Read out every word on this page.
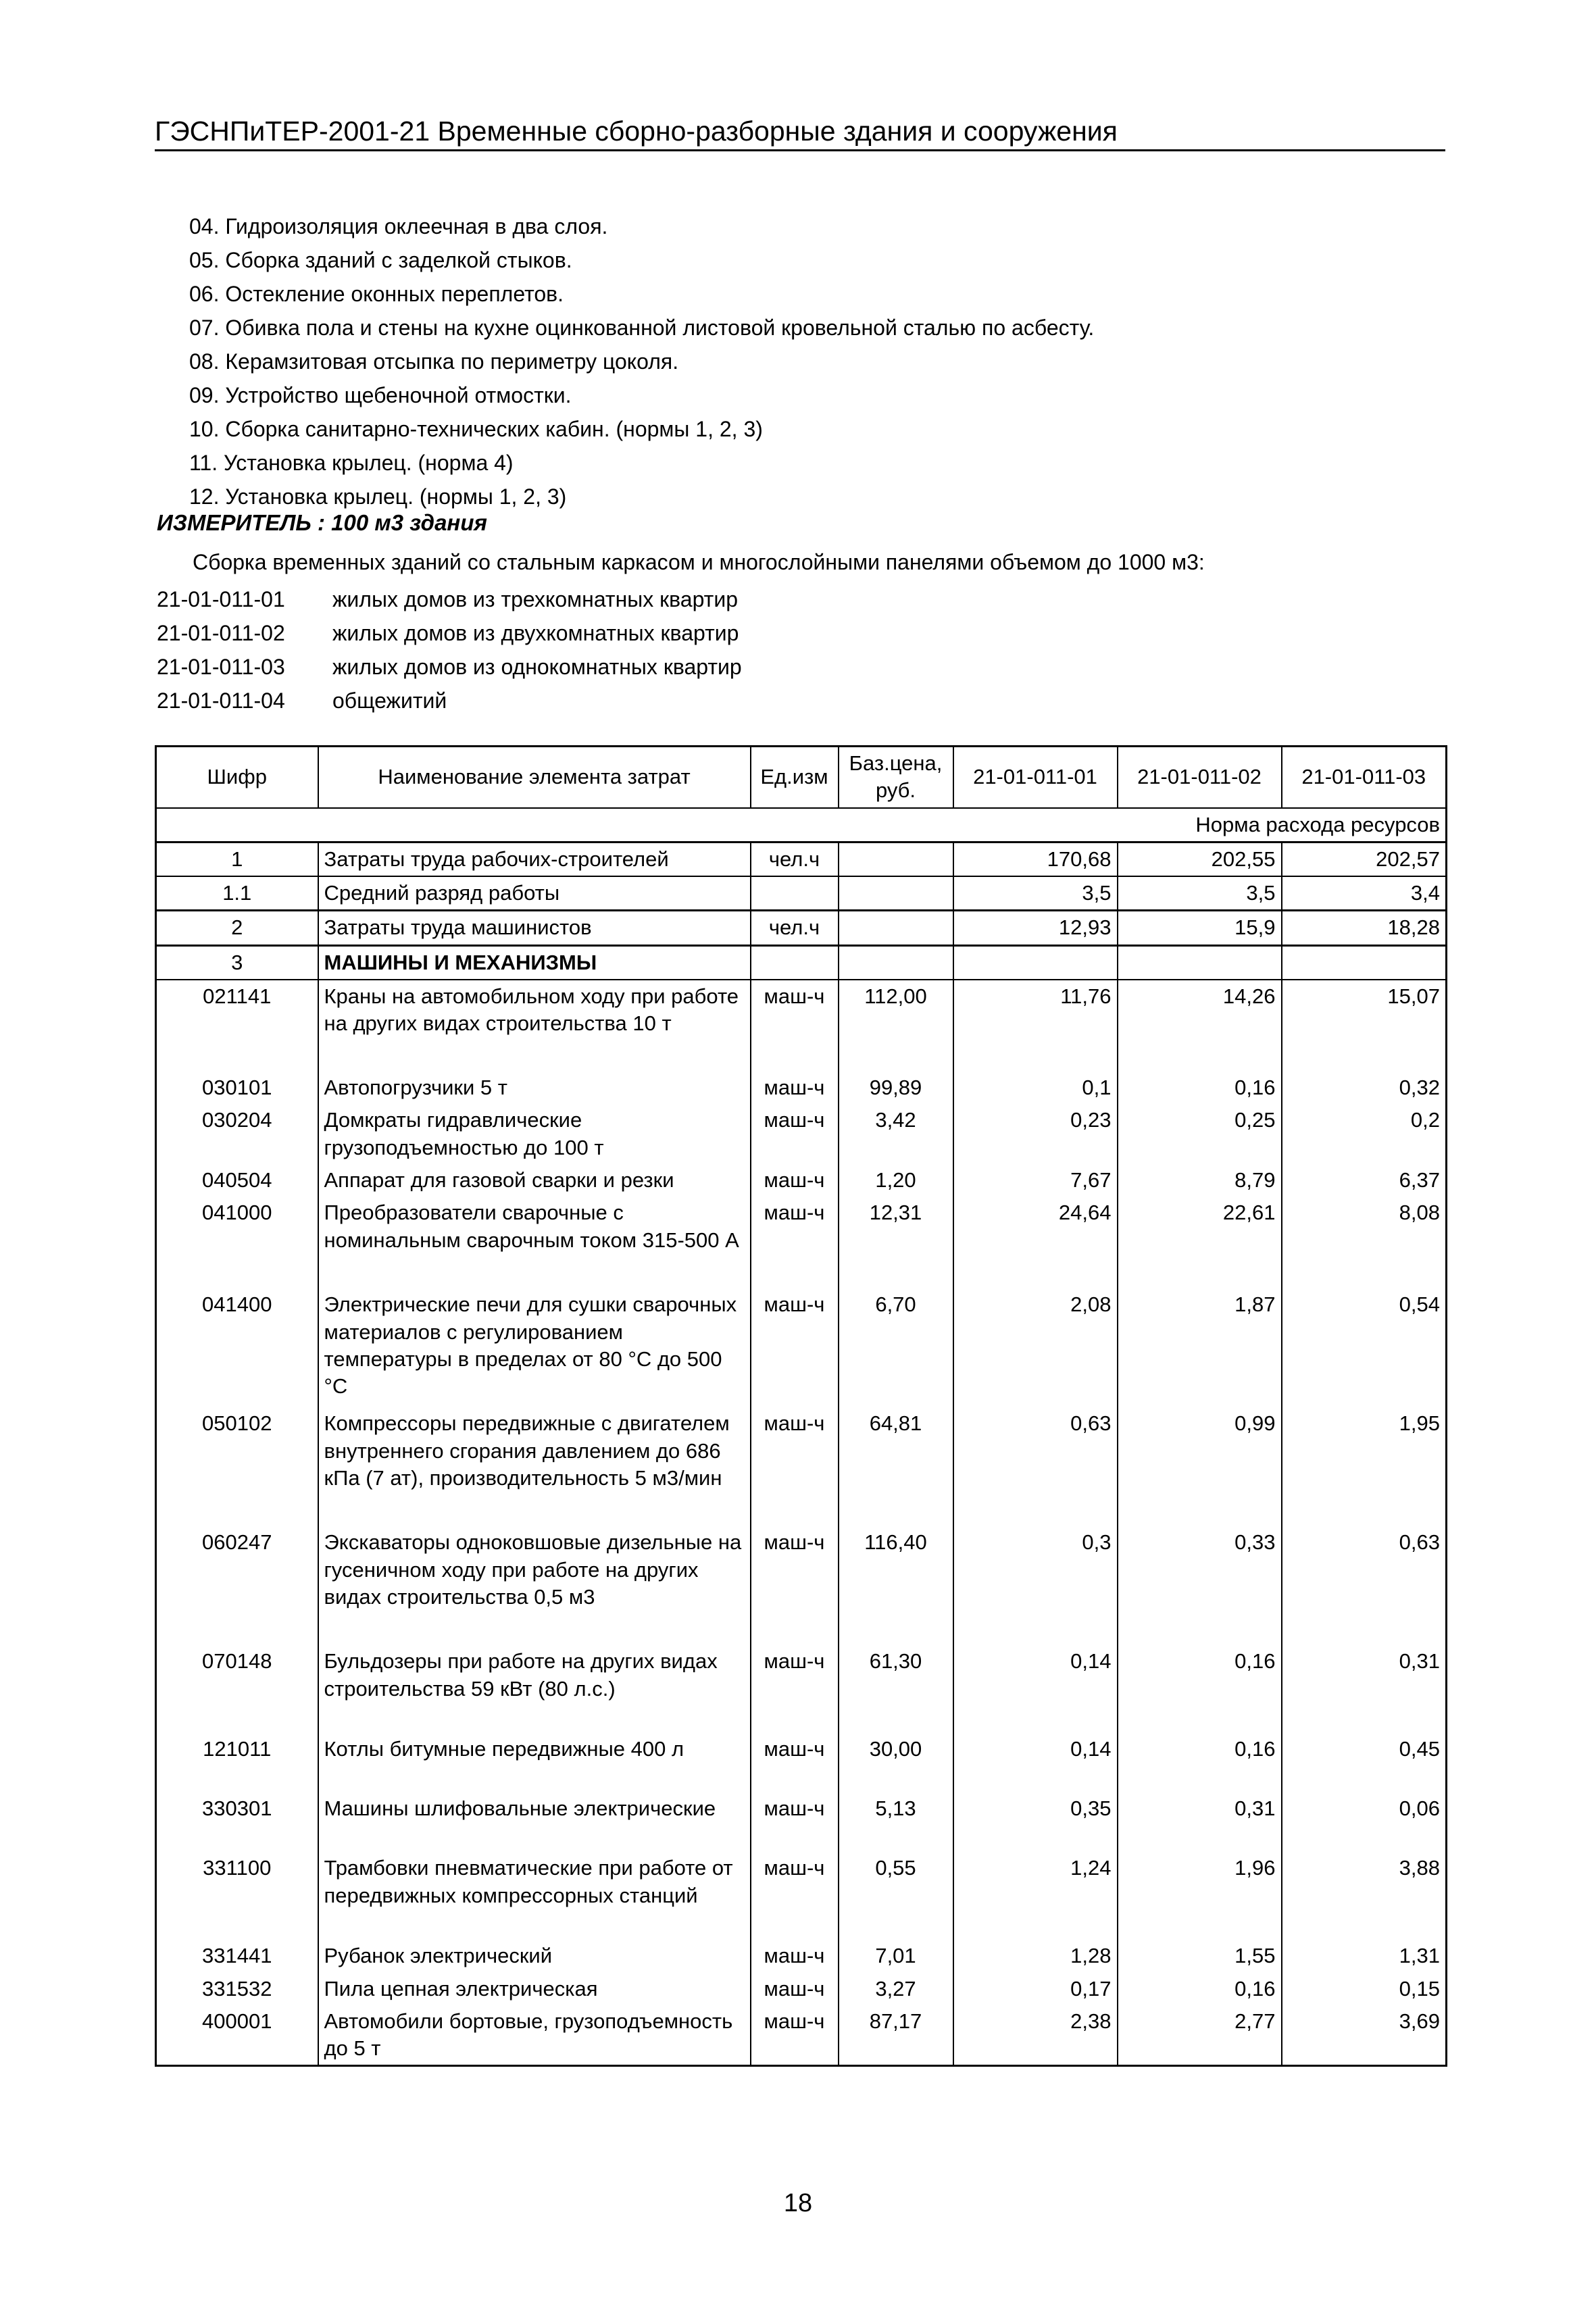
ГЭСНПиТЕР-2001-21 Временные сборно-разборные здания и сооружения
04. Гидроизоляция оклеечная в два слоя.
05. Сборка зданий с заделкой стыков.
06. Остекление оконных переплетов.
07. Обивка пола и стены на кухне оцинкованной листовой кровельной сталью по асбесту.
08. Керамзитовая отсыпка по периметру цоколя.
09. Устройство щебеночной отмостки.
10. Сборка санитарно-технических кабин. (нормы 1, 2, 3)
11. Установка крылец. (норма 4)
12. Установка крылец. (нормы 1, 2, 3)
ИЗМЕРИТЕЛЬ : 100 м3 здания
Сборка временных зданий со стальным каркасом и многослойными панелями объемом до 1000 м3:
21-01-011-01	жилых домов из трехкомнатных квартир
21-01-011-02	жилых домов из двухкомнатных квартир
21-01-011-03	жилых домов из однокомнатных квартир
21-01-011-04	общежитий
Шифр	Наименование элемента затрат	Ед.изм	Баз.цена, руб.	21-01-011-01	21-01-011-02	21-01-011-03
Норма расхода ресурсов						
1	Затраты труда рабочих-строителей	чел.ч		170,68	202,55	202,57
1.1	Средний разряд работы			3,5	3,5	3,4
2	Затраты труда машинистов	чел.ч		12,93	15,9	18,28
3	МАШИНЫ И МЕХАНИЗМЫ					
021141	Краны на автомобильном ходу при работе на других видах строительства 10 т	маш-ч	112,00	11,76	14,26	15,07
030101	Автопогрузчики 5 т	маш-ч	99,89	0,1	0,16	0,32
030204	Домкраты гидравлические грузоподъемностью до 100 т	маш-ч	3,42	0,23	0,25	0,2
040504	Аппарат для газовой сварки и резки	маш-ч	1,20	7,67	8,79	6,37
041000	Преобразователи сварочные с номинальным сварочным током 315-500 А	маш-ч	12,31	24,64	22,61	8,08
041400	Электрические печи для сушки сварочных материалов с регулированием температуры в пределах от 80 °С до 500 °С	маш-ч	6,70	2,08	1,87	0,54
050102	Компрессоры передвижные с двигателем внутреннего сгорания давлением до 686 кПа (7 ат), производительность 5 м3/мин	маш-ч	64,81	0,63	0,99	1,95
060247	Экскаваторы одноковшовые дизельные на гусеничном ходу при работе на других видах строительства 0,5 м3	маш-ч	116,40	0,3	0,33	0,63
070148	Бульдозеры при работе на других видах строительства 59 кВт (80 л.с.)	маш-ч	61,30	0,14	0,16	0,31
121011	Котлы битумные передвижные 400 л	маш-ч	30,00	0,14	0,16	0,45
330301	Машины шлифовальные электрические	маш-ч	5,13	0,35	0,31	0,06
331100	Трамбовки пневматические при работе от передвижных компрессорных станций	маш-ч	0,55	1,24	1,96	3,88
331441	Рубанок электрический	маш-ч	7,01	1,28	1,55	1,31
331532	Пила цепная электрическая	маш-ч	3,27	0,17	0,16	0,15
400001	Автомобили бортовые, грузоподъемность до 5 т	маш-ч	87,17	2,38	2,77	3,69
18
